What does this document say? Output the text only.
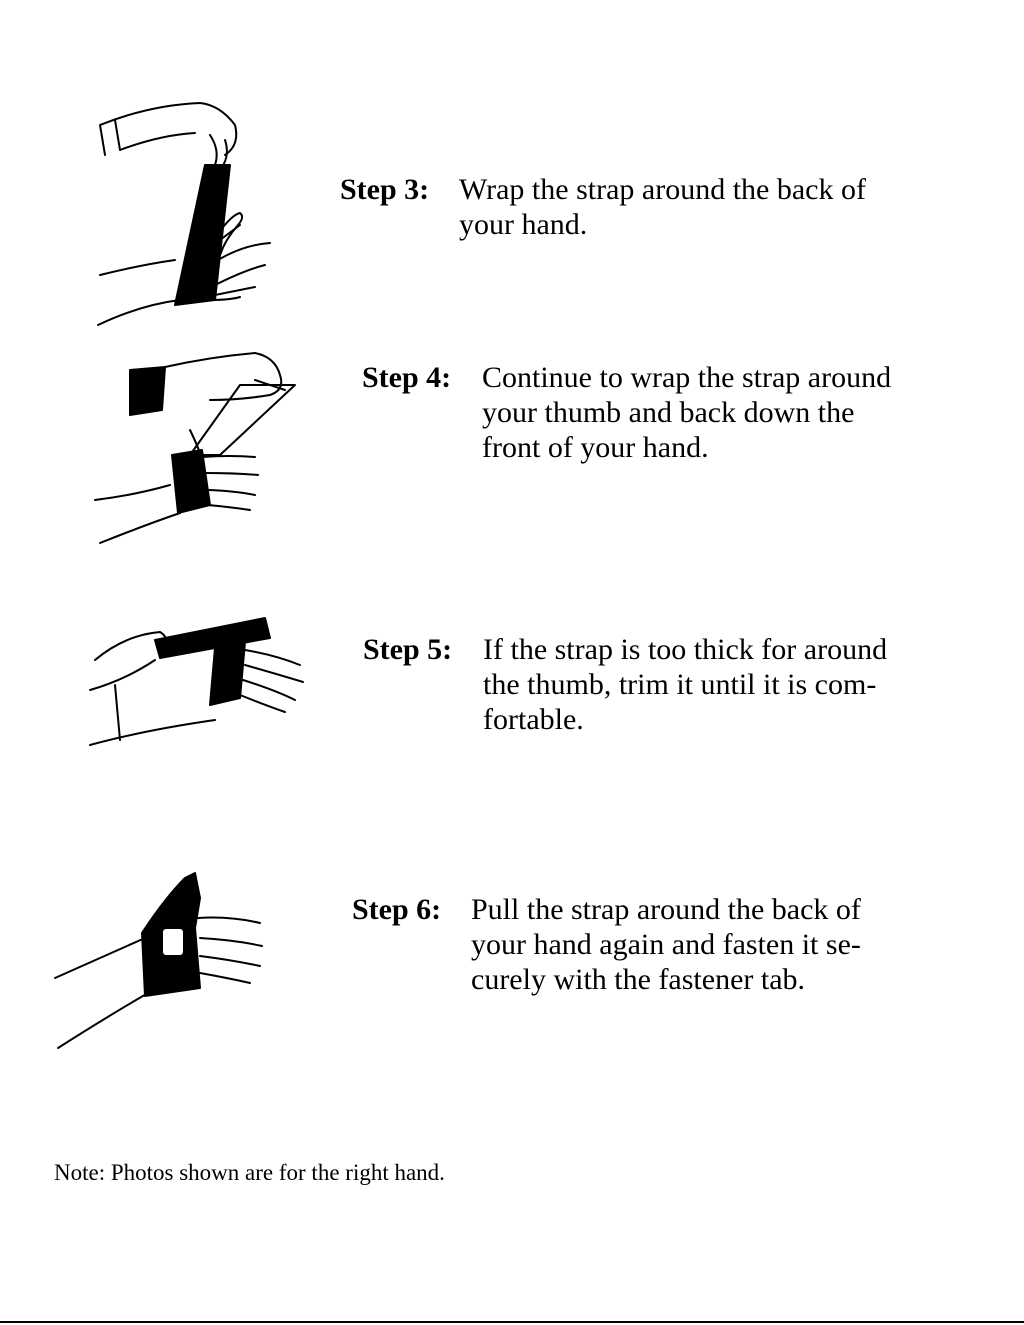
Step 3: Wrap the strap around the back of
your hand.
Step 4: Continue to wrap the strap around
your thumb and back down the
front of your hand.
Step 5: If the strap is too thick for around
the thumb, trim it until it is com-
fortable.
Step 6: Pull the strap around the back of
your hand again and fasten it se-
curely with the fastener tab.
Note: Photos shown are for the right hand.
